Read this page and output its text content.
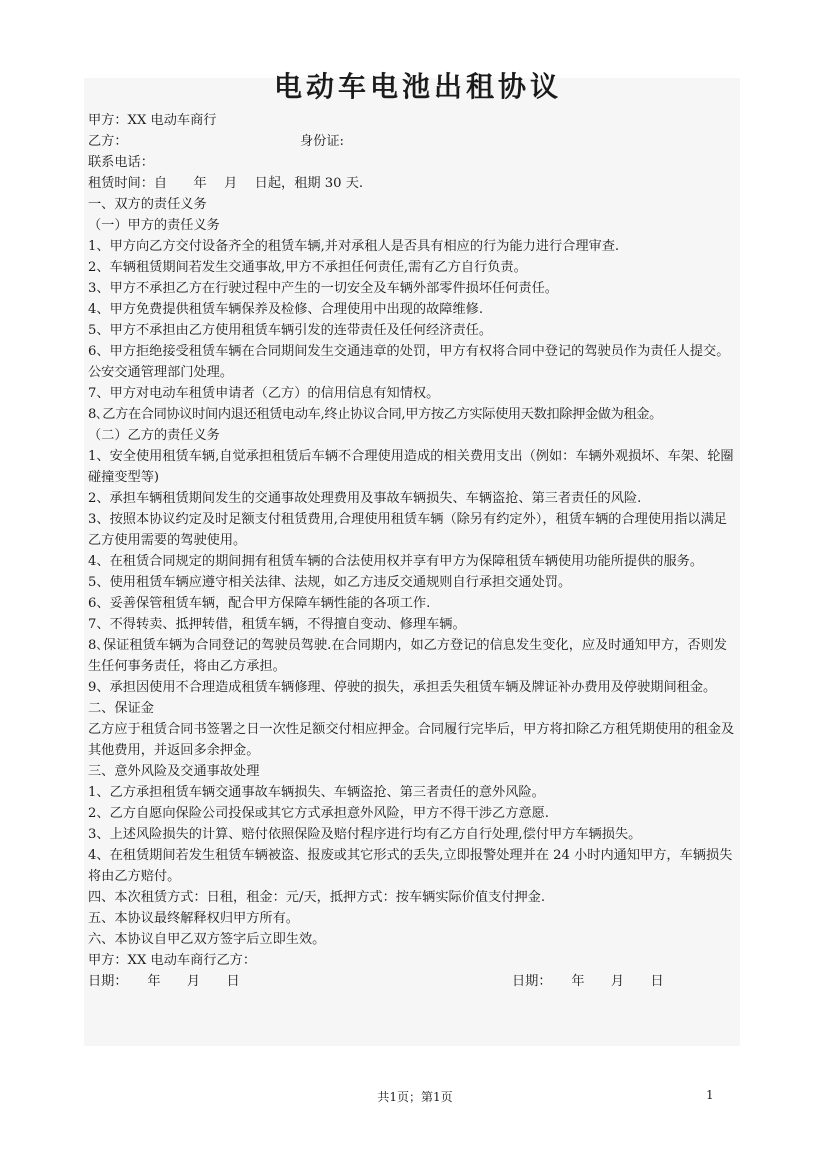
电动车电池出租协议
甲方：XX 电动车商行
乙方：	身份证:
联系电话：
租赁时间：自　　年　 月　 日起，租期 30 天.
一、双方的责任义务
（一）甲方的责任义务
1、甲方向乙方交付设备齐全的租赁车辆,并对承租人是否具有相应的行为能力进行合理审查.
2、车辆租赁期间若发生交通事故,甲方不承担任何责任,需有乙方自行负责。
3、甲方不承担乙方在行驶过程中产生的一切安全及车辆外部零件损坏任何责任。
4、甲方免费提供租赁车辆保养及检修、合理使用中出现的故障维修.
5、甲方不承担由乙方使用租赁车辆引发的连带责任及任何经济责任。
6、甲方拒绝接受租赁车辆在合同期间发生交通违章的处罚，甲方有权将合同中登记的驾驶员作为责任人提交。
公安交通管理部门处理。
7、甲方对电动车租赁申请者（乙方）的信用信息有知情权。
8､乙方在合同协议时间内退还租赁电动车,终止协议合同,甲方按乙方实际使用天数扣除押金做为租金。
（二）乙方的责任义务
1、安全使用租赁车辆,自觉承担租赁后车辆不合理使用造成的相关费用支出（例如：车辆外观损坏、车架、轮圈碰撞变型等)
2、承担车辆租赁期间发生的交通事故处理费用及事故车辆损失、车辆盗抢、第三者责任的风险.
3、按照本协议约定及时足额支付租赁费用,合理使用租赁车辆（除另有约定外），租赁车辆的合理使用指以满足乙方使用需要的驾驶使用。
4、在租赁合同规定的期间拥有租赁车辆的合法使用权并享有甲方为保障租赁车辆使用功能所提供的服务。
5、使用租赁车辆应遵守相关法律、法规，如乙方违反交通规则自行承担交通处罚。
6、妥善保管租赁车辆，配合甲方保障车辆性能的各项工作.
7、不得转卖、抵押转借，租赁车辆，不得擅自变动、修理车辆。
8､保证租赁车辆为合同登记的驾驶员驾驶.在合同期内，如乙方登记的信息发生变化，应及时通知甲方，否则发生任何事务责任，将由乙方承担。
9、承担因使用不合理造成租赁车辆修理、停驶的损失，承担丢失租赁车辆及牌证补办费用及停驶期间租金。
二、保证金
乙方应于租赁合同书签署之日一次性足额交付相应押金。合同履行完毕后，甲方将扣除乙方租凭期使用的租金及其他费用，并返回多余押金。
三、意外风险及交通事故处理
1、乙方承担租赁车辆交通事故车辆损失、车辆盗抢、第三者责任的意外风险。
2、乙方自愿向保险公司投保或其它方式承担意外风险，甲方不得干涉乙方意愿.
3、上述风险损失的计算、赔付依照保险及赔付程序进行均有乙方自行处理,偿付甲方车辆损失。
4、在租赁期间若发生租赁车辆被盗、报废或其它形式的丢失,立即报警处理并在 24 小时内通知甲方，车辆损失将由乙方赔付。
四、本次租赁方式：日租，租金：元/天，抵押方式：按车辆实际价值支付押金.
五、本协议最终解释权归甲方所有。
六、本协议自甲乙双方签字后立即生效。
甲方：XX 电动车商行乙方：
日期：　　年　　月　　日	日期：　　年　　月　　日
共1页；第1页	1
